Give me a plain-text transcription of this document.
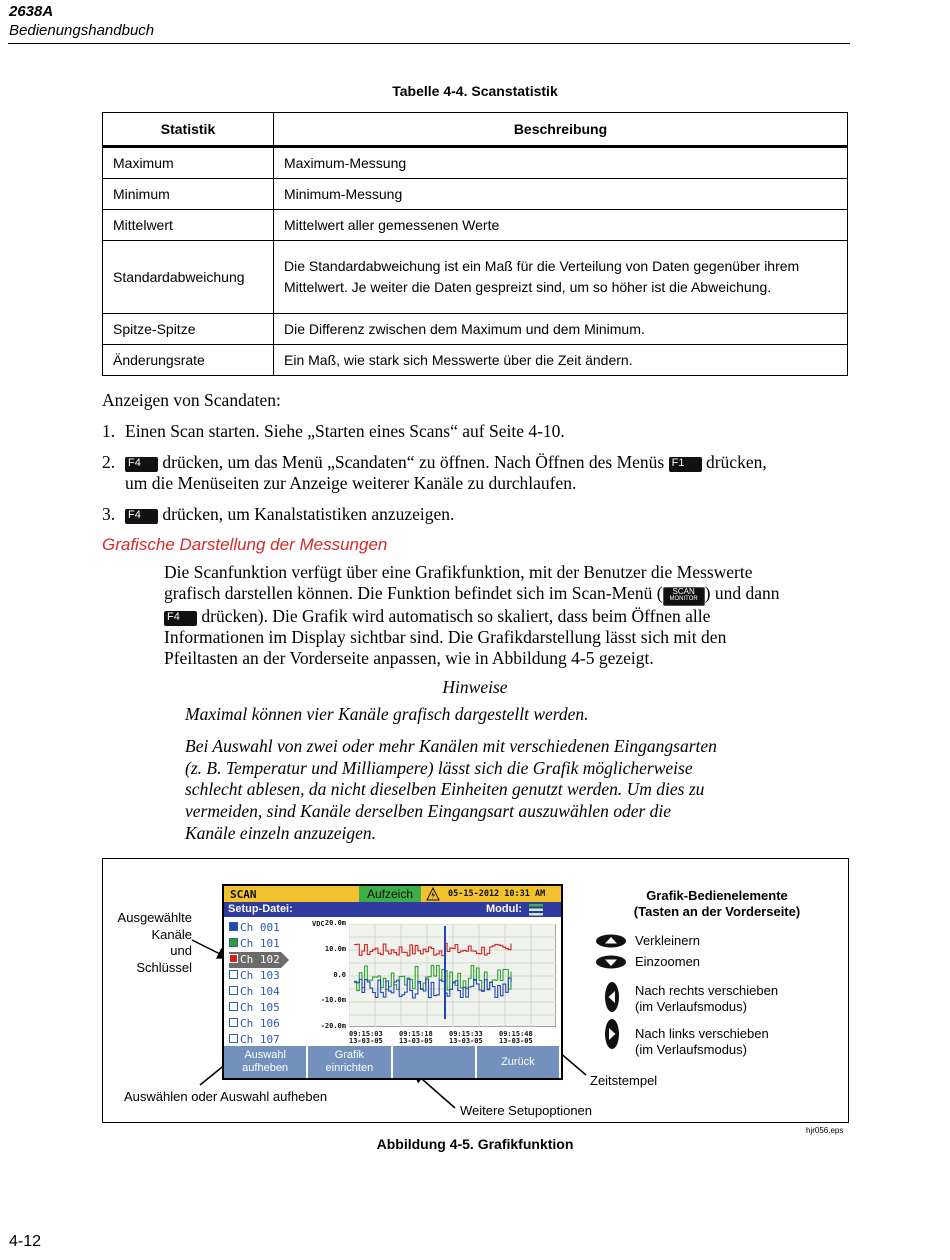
2638A
Bedienungshandbuch
Tabelle 4-4. Scanstatistik
Statistik	Beschreibung
Maximum	Maximum-Messung
Minimum	Minimum-Messung
Mittelwert	Mittelwert aller gemessenen Werte
Standardabweichung	Die Standardabweichung ist ein Maß für die Verteilung von Daten gegenüber ihrem Mittelwert. Je weiter die Daten gespreizt sind, um so höher ist die Abweichung.
Spitze-Spitze	Die Differenz zwischen dem Maximum und dem Minimum.
Änderungsrate	Ein Maß, wie stark sich Messwerte über die Zeit ändern.
Anzeigen von Scandaten:
1. Einen Scan starten. Siehe „Starten eines Scans“ auf Seite 4-10.
2. F4 drücken, um das Menü „Scandaten“ zu öffnen. Nach Öffnen des Menüs F1 drücken,
um die Menüseiten zur Anzeige weiterer Kanäle zu durchlaufen.
3. F4 drücken, um Kanalstatistiken anzuzeigen.
Grafische Darstellung der Messungen
Die Scanfunktion verfügt über eine Grafikfunktion, mit der Benutzer die Messwerte
grafisch darstellen können. Die Funktion befindet sich im Scan-Menü (	SCAN
MONITOR ) und dann
F4 drücken). Die Grafik wird automatisch so skaliert, dass beim Öffnen alle
Informationen im Display sichtbar sind. Die Grafikdarstellung lässt sich mit den
Pfeiltasten an der Vorderseite anpassen, wie in Abbildung 4-5 gezeigt.
Hinweise
Maximal können vier Kanäle grafisch dargestellt werden.
Bei Auswahl von zwei oder mehr Kanälen mit verschiedenen Eingangsarten
(z. B. Temperatur und Milliampere) lässt sich die Grafik möglicherweise
schlecht ablesen, da nicht dieselben Einheiten genutzt werden. Um dies zu
vermeiden, sind Kanäle derselben Eingangsart auszuwählen oder die
Kanäle einzeln anzuzeigen.
Ausgewählte
Kanäle
und
Schlüssel
Auswählen oder Auswahl aufheben
Weitere Setupoptionen
Zeitstempel
Grafik-Bedienelemente
(Tasten an der Vorderseite)
Verkleinern
Einzoomen
Nach rechts verschieben
(im Verlaufsmodus)
Nach links verschieben
(im Verlaufsmodus)
SCAN	Aufzeich	05-15-2012 10:31 AM
Setup-Datei:	Modul:
Ch 001
Ch 101
Ch 102
Ch 103
Ch 104
Ch 105
Ch 106
Ch 107
VDC 20.0m
10.0m
0.0
-10.0m
-20.0m
09:15:03
13-03-05
09:15:18
13-03-05
09:15:33
13-03-05
09:15:48
13-03-05
Auswahl
aufheben
Grafik
einrichten
Zurück
hjr056.eps
Abbildung 4-5. Grafikfunktion
4-12
